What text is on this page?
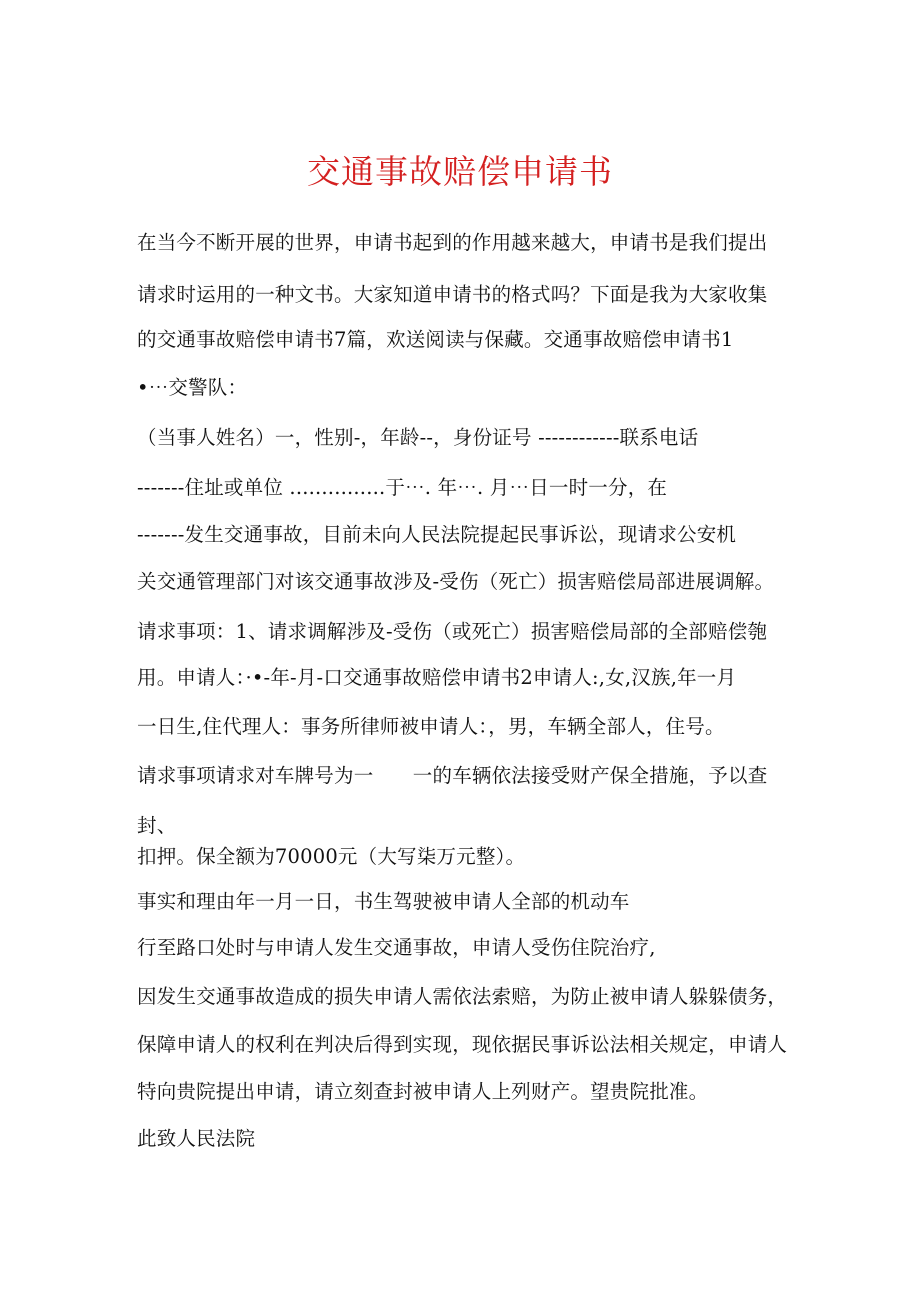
交通事故赔偿申请书
在当今不断开展的世界，申请书起到的作用越来越大，申请书是我们提出
请求时运用的一种文书。大家知道申请书的格式吗？下面是我为大家收集
的交通事故赔偿申请书7篇，欢送阅读与保藏。交通事故赔偿申请书1
•⋯交警队：
（当事人姓名）一，性别-，年龄--，身份证号 ------------联系电话
-------住址或单位 ...............于⋯. 年⋯. 月⋯日一时一分，在
-------发生交通事故，目前未向人民法院提起民事诉讼，现请求公安机
关交通管理部门对该交通事故涉及-受伤（死亡）损害赔偿局部进展调解。
请求事项：1、请求调解涉及-受伤（或死亡）损害赔偿局部的全部赔偿匏
用。申请人：·•-年-月-口交通事故赔偿申请书2申请人:,女,汉族,年一月
一日生,住代理人：事务所律师被申请人：，男，车辆全部人，住号。
请求事项请求对车牌号为一　　一的车辆依法接受财产保全措施，予以查
封、
扣押。保全额为70000元（大写柒万元整）。
事实和理由年一月一日，书生驾驶被申请人全部的机动车
行至路口处时与申请人发生交通事故，申请人受伤住院治疗,
因发生交通事故造成的损失申请人需依法索赔，为防止被申请人躲躲债务，
保障申请人的权利在判决后得到实现，现依据民事诉讼法相关规定，申请人
特向贵院提出申请，请立刻查封被申请人上列财产。望贵院批准。
此致人民法院
